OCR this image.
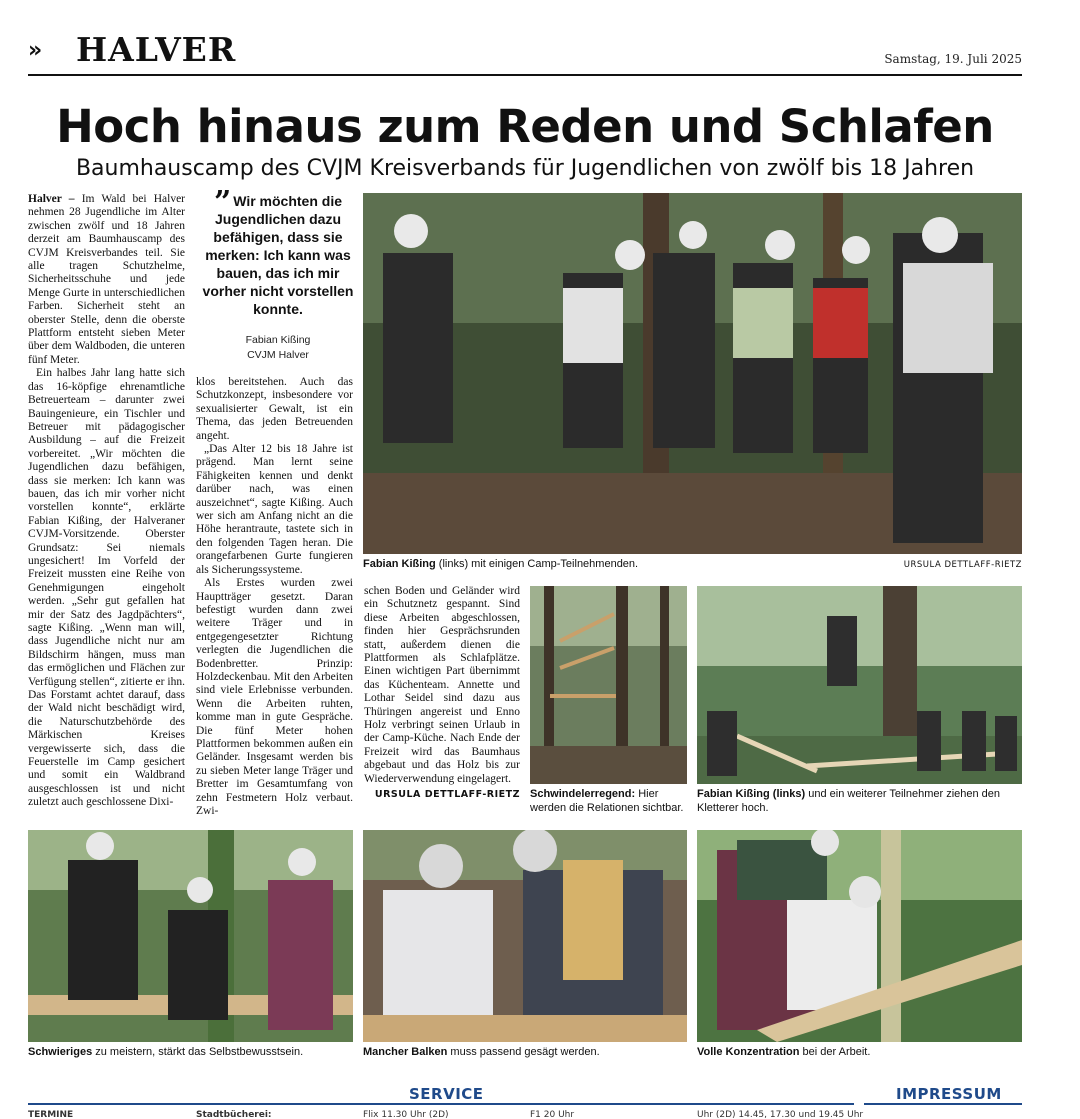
» HALVER	Samstag, 19. Juli 2025
Hoch hinaus zum Reden und Schlafen
Baumhauscamp des CVJM Kreisverbands für Jugendlichen von zwölf bis 18 Jahren

Halver – Im Wald bei Halver nehmen 28 Jugendliche im Alter zwischen zwölf und 18 Jahren derzeit am Baumhauscamp des CVJM Kreisverbandes teil. Sie alle tragen Schutzhelme, Sicherheitsschuhe und jede Menge Gurte in unterschiedlichen Farben. Sicherheit steht an oberster Stelle, denn die oberste Plattform entsteht sieben Meter über dem Waldboden, die unteren fünf Meter.

Ein halbes Jahr lang hatte sich das 16-köpfige ehrenamtliche Betreuerteam – darunter zwei Bauingenieure, ein Tischler und Betreuer mit pädagogischer Ausbildung – auf die Freizeit vorbereitet. „Wir möchten die Jugendlichen dazu befähigen, dass sie merken: Ich kann was bauen, das ich mir vorher nicht vorstellen konnte“, erklärte Fabian Kißing, der Halveraner CVJM-Vorsitzende. Oberster Grundsatz: Sei niemals ungesichert! Im Vorfeld der Freizeit mussten eine Reihe von Genehmigungen eingeholt werden. „Sehr gut gefallen hat mir der Satz des Jagdpächters“, sagte Kißing. „Wenn man will, dass Jugendliche nicht nur am Bildschirm hängen, muss man das ermöglichen und Flächen zur Verfügung stellen“, zitierte er ihn. Das Forstamt achtet darauf, dass der Wald nicht beschädigt wird, die Naturschutzbehörde des Märkischen Kreises vergewisserte sich, dass die Feuerstelle im Camp gesichert und somit ein Waldbrand ausgeschlossen ist und nicht zuletzt auch geschlossene Dixi-

” Wir möchten die Jugendlichen dazu befähigen, dass sie merken: Ich kann was bauen, das ich mir vorher nicht vorstellen konnte.
Fabian Kißing
CVJM Halver

klos bereitstehen. Auch das Schutzkonzept, insbesondere vor sexualisierter Gewalt, ist ein Thema, das jeden Betreuenden angeht.

„Das Alter 12 bis 18 Jahre ist prägend. Man lernt seine Fähigkeiten kennen und denkt darüber nach, was einen auszeichnet“, sagte Kißing. Auch wer sich am Anfang nicht an die Höhe herantraute, tastete sich in den folgenden Tagen heran. Die orangefarbenen Gurte fungieren als Sicherungssysteme.

Als Erstes wurden zwei Hauptträger gesetzt. Daran befestigt wurden dann zwei weitere Träger und in entgegengesetzter Richtung verlegten die Jugendlichen die Bodenbretter. Prinzip: Holzdeckenbau. Mit den Arbeiten sind viele Erlebnisse verbunden. Wenn die Arbeiten ruhten, komme man in gute Gespräche. Die fünf Meter hohen Plattformen bekommen außen ein Geländer. Insgesamt werden bis zu sieben Meter lange Träger und Bretter im Gesamtumfang von zehn Festmetern Holz verbaut. Zwi-

schen Boden und Geländer wird ein Schutznetz gespannt. Sind diese Arbeiten abgeschlossen, finden hier Gesprächsrunden statt, außerdem dienen die Plattformen als Schlafplätze. Einen wichtigen Part übernimmt das Küchenteam. Annette und Lothar Seidel sind dazu aus Thüringen angereist und Enno Holz verbringt seinen Urlaub in der Camp-Küche. Nach Ende der Freizeit wird das Baumhaus abgebaut und das Holz bis zur Wiederverwendung eingelagert.

URSULA DETTLAFF-RIETZ
Fabian Kißing (links) mit einigen Camp-Teilnehmenden.	URSULA DETTLAFF-RIETZ
Schwindelerregend: Hier werden die Relationen sichtbar.
Fabian Kißing (links) und ein weiterer Teilnehmer ziehen den Kletterer hoch.
Schwieriges zu meistern, stärkt das Selbstbewusstsein.	Mancher Balken muss passend gesägt werden.	Volle Konzentration bei der Arbeit.
SERVICE	IMPRESSUM
TERMINE	Stadtbücherei:	Flix 11.30 Uhr (2D)	F1 20 Uhr	Uhr (2D) 14.45, 17.30 und 19.45 Uhr
